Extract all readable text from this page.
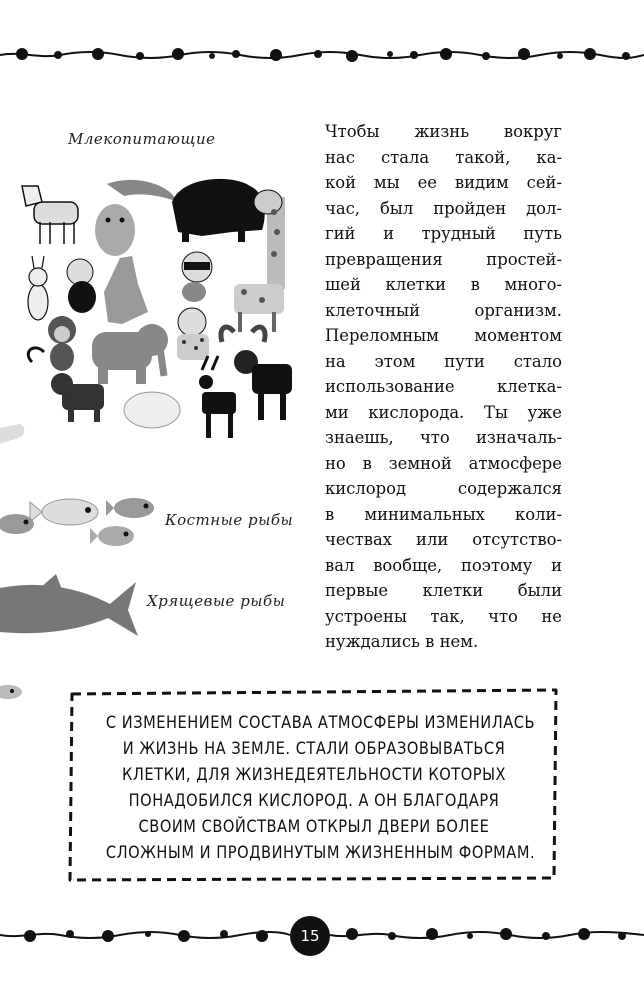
Млекопитающие
Костные рыбы
Хрящевые рыбы
Чтобы жизнь вокруг
нас стала такой, ка-
кой мы ее видим сей-
час, был пройден дол-
гий и трудный путь
превращения простей-
шей клетки в много-
клеточный организм.
Переломным моментом
на этом пути стало
использование клетка-
ми кислорода. Ты уже
знаешь, что изначаль-
но в земной атмосфере
кислород содержался
в минимальных коли-
чествах или отсутство-
вал вообще, поэтому и
первые клетки были
устроены так, что не
нуждались в нем.
С ИЗМЕНЕНИЕМ СОСТАВА АТМОСФЕРЫ ИЗМЕНИЛАСЬ
И ЖИЗНЬ НА ЗЕМЛЕ. СТАЛИ ОБРАЗОВЫВАТЬСЯ
КЛЕТКИ, ДЛЯ ЖИЗНЕДЕЯТЕЛЬНОСТИ КОТОРЫХ
ПОНАДОБИЛСЯ КИСЛОРОД. А ОН БЛАГОДАРЯ
СВОИМ СВОЙСТВАМ ОТКРЫЛ ДВЕРИ БОЛЕЕ
СЛОЖНЫМ И ПРОДВИНУТЫМ ЖИЗНЕННЫМ ФОРМАМ.
15
